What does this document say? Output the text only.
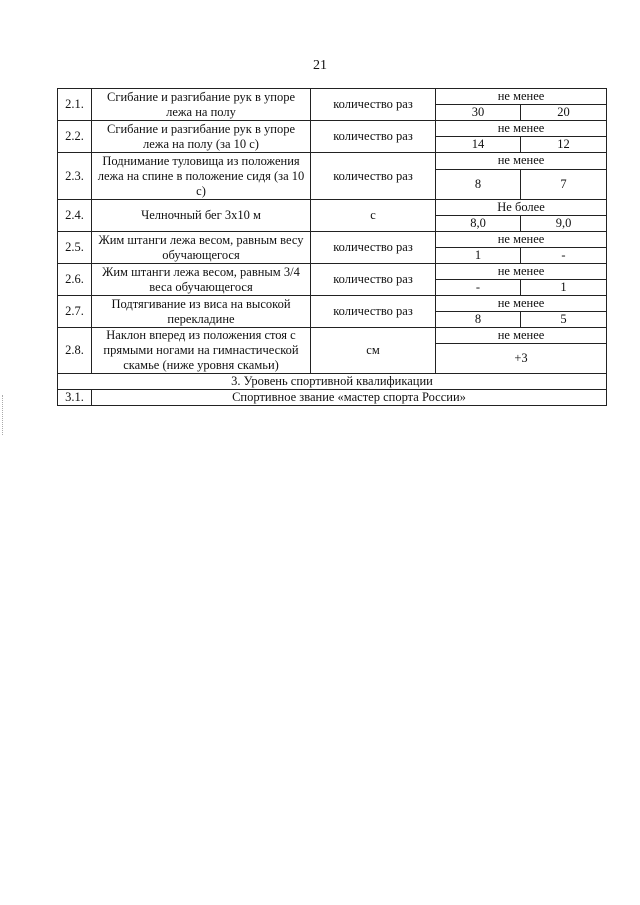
21
2.1.	Сгибание и разгибание рук в упоре лежа на полу	количество раз	не менее	
			30	20
2.2.	Сгибание и разгибание рук в упоре лежа на полу (за 10 с)	количество раз	не менее	
			14	12
2.3.	Поднимание туловища из положения лежа на спине в положение сидя (за 10 с)	количество раз	не менее	
			8	7
2.4.	Челночный бег 3x10 м	с	Не более	
			8,0	9,0
2.5.	Жим штанги лежа весом, равным весу обучающегося	количество раз	не менее	
			1	-
2.6.	Жим штанги лежа весом, равным 3/4 веса обучающегося	количество раз	не менее	
			-	1
2.7.	Подтягивание из виса на высокой перекладине	количество раз	не менее	
			8	5
2.8.	Наклон вперед из положения стоя с прямыми ногами на гимнастической скамье (ниже уровня скамьи)	см	не менее	
			+3	
3. Уровень спортивной квалификации				
3.1.	Спортивное звание «мастер спорта России»			
